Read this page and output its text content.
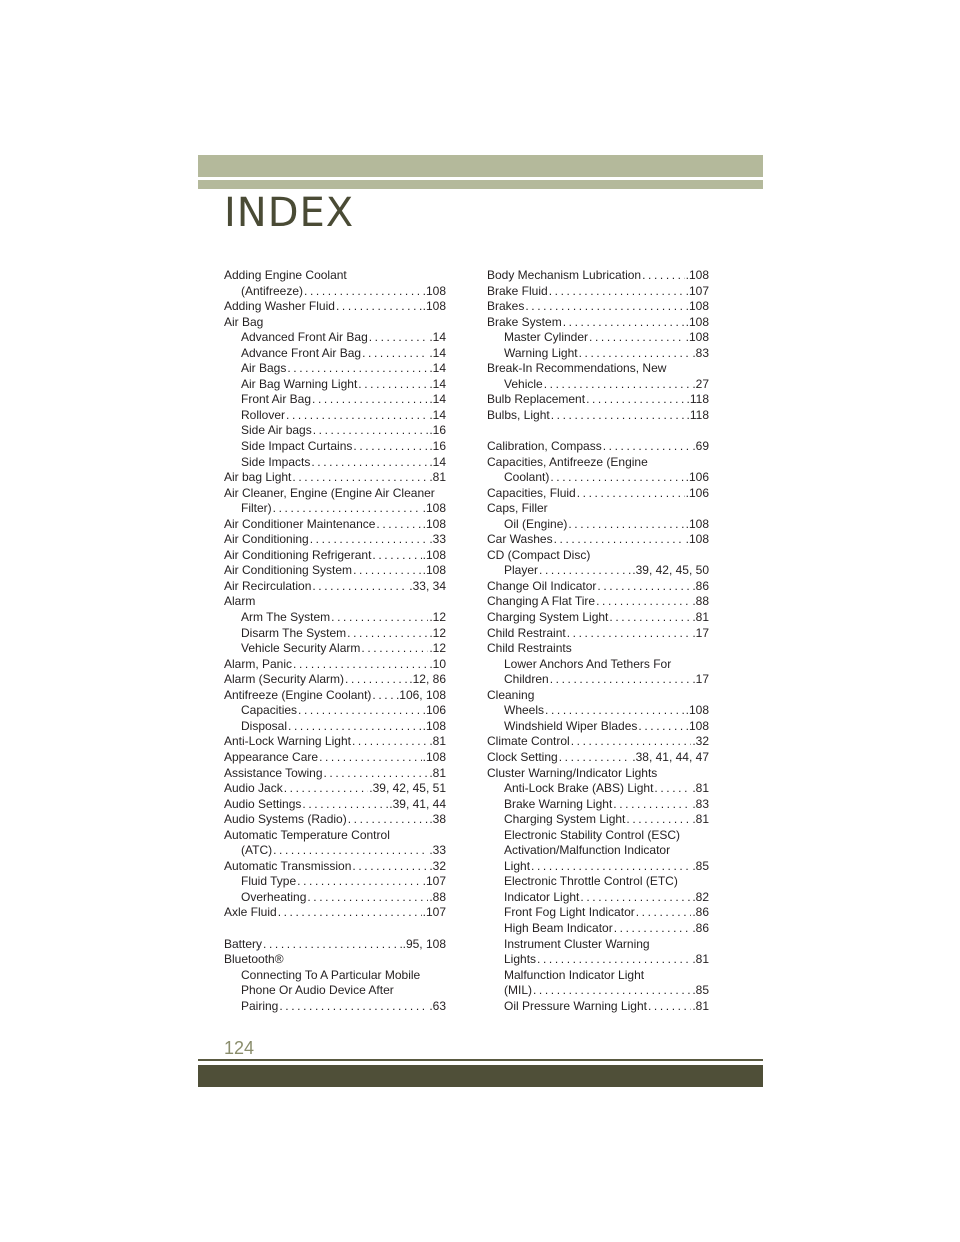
INDEX
Adding Engine Coolant
(Antifreeze) .....	.108
Adding Washer Fluid .....	.108
Air Bag
Advanced Front Air Bag .....	.14
Advance Front Air Bag .....	.14
Air Bags .....	.14
Air Bag Warning Light .....	.14
Front Air Bag .....	.14
Rollover .....	.14
Side Air bags .....	.16
Side Impact Curtains .....	.16
Side Impacts .....	.14
Air bag Light .....	.81
Air Cleaner, Engine (Engine Air Cleaner
Filter) .....	.108
Air Conditioner Maintenance .....	.108
Air Conditioning .....	.33
Air Conditioning Refrigerant .....	.108
Air Conditioning System .....	.108
Air Recirculation .....	.33, 34
Alarm
Arm The System .....	.12
Disarm The System .....	.12
Vehicle Security Alarm .....	.12
Alarm, Panic .....	.10
Alarm (Security Alarm) .....	.12, 86
Antifreeze (Engine Coolant) ..... .106, 108
Capacities .....	.106
Disposal .....	.108
Anti-Lock Warning Light .....	.81
Appearance Care .....	.108
Assistance Towing .....	.81
Audio Jack .....	.39, 42, 45, 51
Audio Settings .....	.39, 41, 44
Audio Systems (Radio) .....	.38
Automatic Temperature Control
(ATC) .....	.33
Automatic Transmission .....	.32
Fluid Type .....	.107
Overheating .....	.88
Axle Fluid .....	.107
Battery .....	.95, 108
Bluetooth®
Connecting To A Particular Mobile
Phone Or Audio Device After
Pairing .....	.63
Body Mechanism Lubrication .....	.108
Brake Fluid .....	.107
Brakes .....	.108
Brake System .....	.108
Master Cylinder .....	.108
Warning Light .....	.83
Break-In Recommendations, New
Vehicle .....	.27
Bulb Replacement .....	.118
Bulbs, Light .....	.118
Calibration, Compass .....	.69
Capacities, Antifreeze (Engine
Coolant) .....	.106
Capacities, Fluid .....	.106
Caps, Filler
Oil (Engine) .....	.108
Car Washes .....	.108
CD (Compact Disc)
Player .....	.39, 42, 45, 50
Change Oil Indicator .....	.86
Changing A Flat Tire .....	.88
Charging System Light .....	.81
Child Restraint .....	.17
Child Restraints
Lower Anchors And Tethers For
Children .....	.17
Cleaning
Wheels .....	.108
Windshield Wiper Blades .....	.108
Climate Control .....	.32
Clock Setting .....	.38, 41, 44, 47
Cluster Warning/Indicator Lights
Anti-Lock Brake (ABS) Light .....	.81
Brake Warning Light .....	.83
Charging System Light .....	.81
Electronic Stability Control (ESC)
Activation/Malfunction Indicator
Light .....	.85
Electronic Throttle Control (ETC)
Indicator Light .....	.82
Front Fog Light Indicator .....	.86
High Beam Indicator .....	.86
Instrument Cluster Warning
Lights .....	.81
Malfunction Indicator Light
(MIL) .....	.85
Oil Pressure Warning Light .....	.81
124
